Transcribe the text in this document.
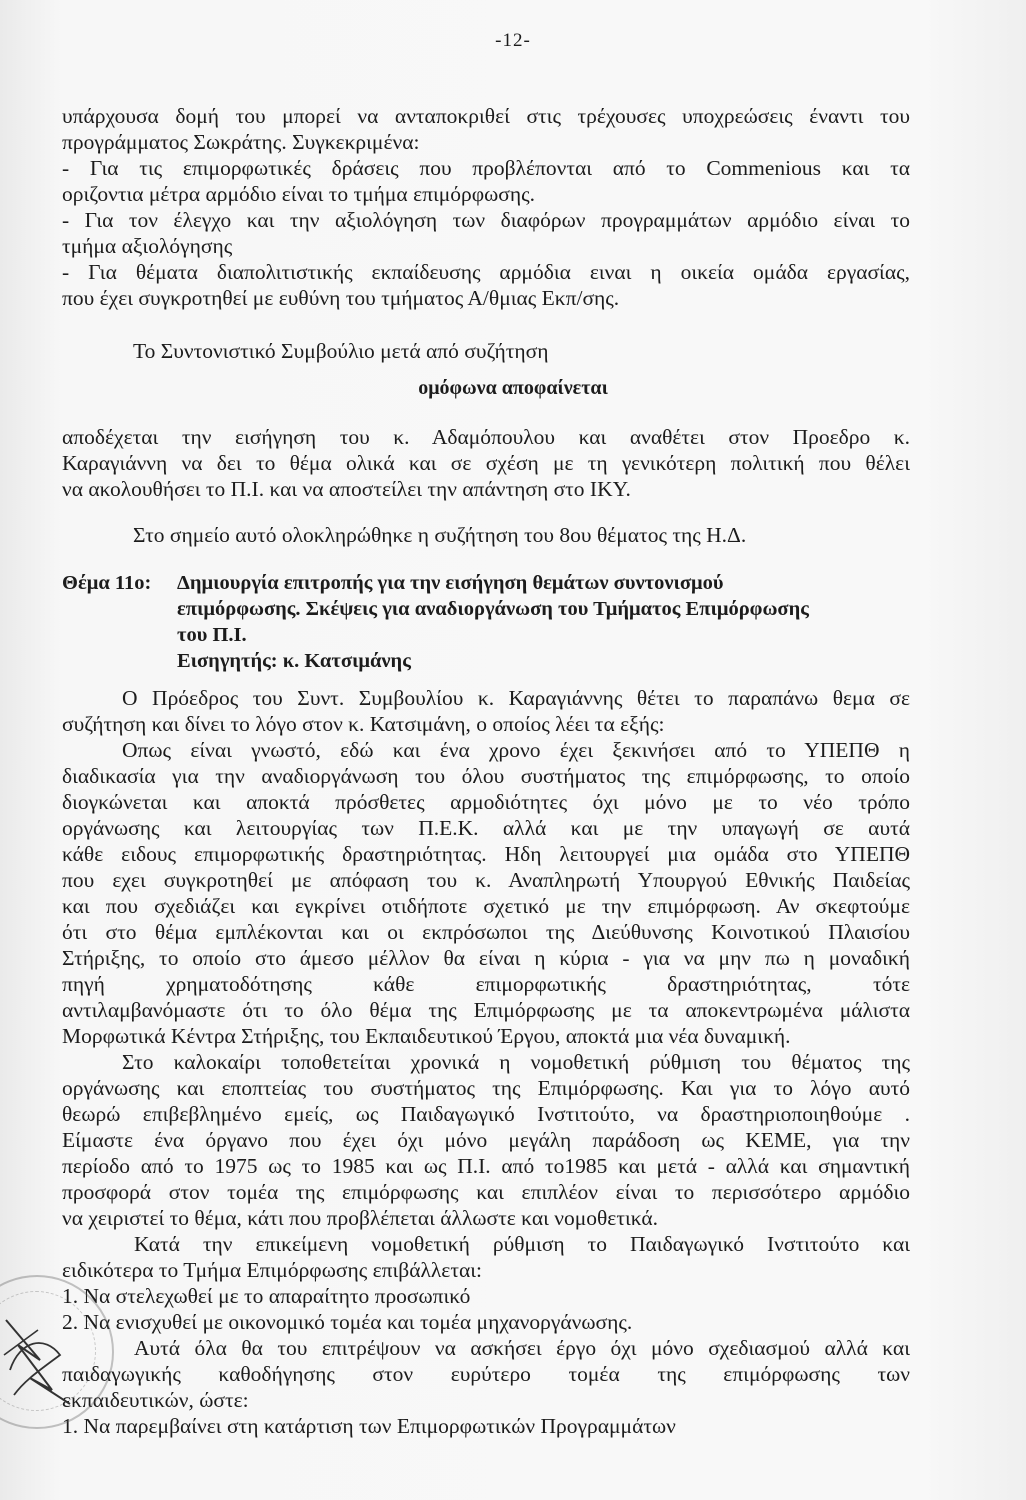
-12-

υπάρχουσα δομή του μπορεί να ανταποκριθεί στις τρέχουσες υποχρεώσεις έναντι του

προγράμματος Σωκράτης. Συγκεκριμένα:

- Για τις επιμορφωτικές δράσεις που προβλέπονται από το Commenious και τα

οριζοντια μέτρα αρμόδιο είναι το τμήμα επιμόρφωσης.

- Για τον έλεγχο και την αξιολόγηση των διαφόρων προγραμμάτων αρμόδιο είναι το

τμήμα αξιολόγησης

- Για θέματα διαπολιτιστικής εκπαίδευσης αρμόδια ειναι η οικεία ομάδα εργασίας,

που έχει συγκροτηθεί με ευθύνη του τμήματος Α/θμιας Εκπ/σης.

Το Συντονιστικό Συμβούλιο μετά από συζήτηση
ομόφωνα αποφαίνεται

αποδέχεται την εισήγηση του κ. Αδαμόπουλου και αναθέτει στον Προεδρο κ.

Καραγιάννη να δει το θέμα ολικά και σε σχέση με τη γενικότερη πολιτική που θέλει

να ακολουθήσει το Π.Ι. και να αποστείλει την απάντηση στο ΙΚΥ.

Στο σημείο αυτό ολοκληρώθηκε η συζήτηση του 8ου θέματος της Η.Δ.
Θέμα 11ο: Δημιουργία επιτροπής για την εισήγηση θεμάτων συντονισμού
επιμόρφωσης. Σκέψεις για αναδιοργάνωση του Τμήματος Επιμόρφωσης
του Π.Ι.
Εισηγητής: κ. Κατσιμάνης

Ο Πρόεδρος του Συντ. Συμβουλίου κ. Καραγιάννης θέτει το παραπάνω θεμα σε

συζήτηση και δίνει το λόγο στον κ. Κατσιμάνη, ο οποίος λέει τα εξής:

Οπως είναι γνωστό, εδώ και ένα χρονο έχει ξεκινήσει από το ΥΠΕΠΘ η

διαδικασία για την αναδιοργάνωση του όλου συστήματος της επιμόρφωσης, το οποίο

διογκώνεται και αποκτά πρόσθετες αρμοδιότητες όχι μόνο με το νέο τρόπο

οργάνωσης και λειτουργίας των Π.Ε.Κ. αλλά και με την υπαγωγή σε αυτά

κάθε ειδους επιμορφωτικής δραστηριότητας. Ηδη λειτουργεί μια ομάδα στο ΥΠΕΠΘ

που εχει συγκροτηθεί με απόφαση του κ. Αναπληρωτή Υπουργού Εθνικής Παιδείας

και που σχεδιάζει και εγκρίνει οτιδήποτε σχετικό με την επιμόρφωση. Αν σκεφτούμε

ότι στο θέμα εμπλέκονται και οι εκπρόσωποι της Διεύθυνσης Κοινοτικού Πλαισίου

Στήριξης, το οποίο στο άμεσο μέλλον θα είναι η κύρια - για να μην πω η μοναδική

πηγή χρηματοδότησης κάθε επιμορφωτικής δραστηριότητας, τότε

αντιλαμβανόμαστε ότι το όλο θέμα της Επιμόρφωσης με τα αποκεντρωμένα μάλιστα

Μορφωτικά Κέντρα Στήριξης, του Εκπαιδευτικού Έργου, αποκτά μια νέα δυναμική.

Στο καλοκαίρι τοποθετείται χρονικά η νομοθετική ρύθμιση του θέματος της

οργάνωσης και εποπτείας του συστήματος της Επιμόρφωσης. Και για το λόγο αυτό

θεωρώ επιβεβλημένο εμείς, ως Παιδαγωγικό Ινστιτούτο, να δραστηριοποιηθούμε .

Είμαστε ένα όργανο που έχει όχι μόνο μεγάλη παράδοση ως ΚΕΜΕ, για την

περίοδο από το 1975 ως το 1985 και ως Π.Ι. από το1985 και μετά - αλλά και σημαντική

προσφορά στον τομέα της επιμόρφωσης και επιπλέον είναι το περισσότερο αρμόδιο

να χειριστεί το θέμα, κάτι που προβλέπεται άλλωστε και νομοθετικά.

Κατά την επικείμενη νομοθετική ρύθμιση το Παιδαγωγικό Ινστιτούτο και

ειδικότερα το Τμήμα Επιμόρφωσης επιβάλλεται:

1. Να στελεχωθεί με το απαραίτητο προσωπικό

2. Να ενισχυθεί με οικονομικό τομέα και τομέα μηχανοργάνωσης.

Αυτά όλα θα του επιτρέψουν να ασκήσει έργο όχι μόνο σχεδιασμού αλλά και

παιδαγωγικής καθοδήγησης στον ευρύτερο τομέα της επιμόρφωσης των

εκπαιδευτικών, ώστε:

1. Να παρεμβαίνει στη κατάρτιση των Επιμορφωτικών Προγραμμάτων
